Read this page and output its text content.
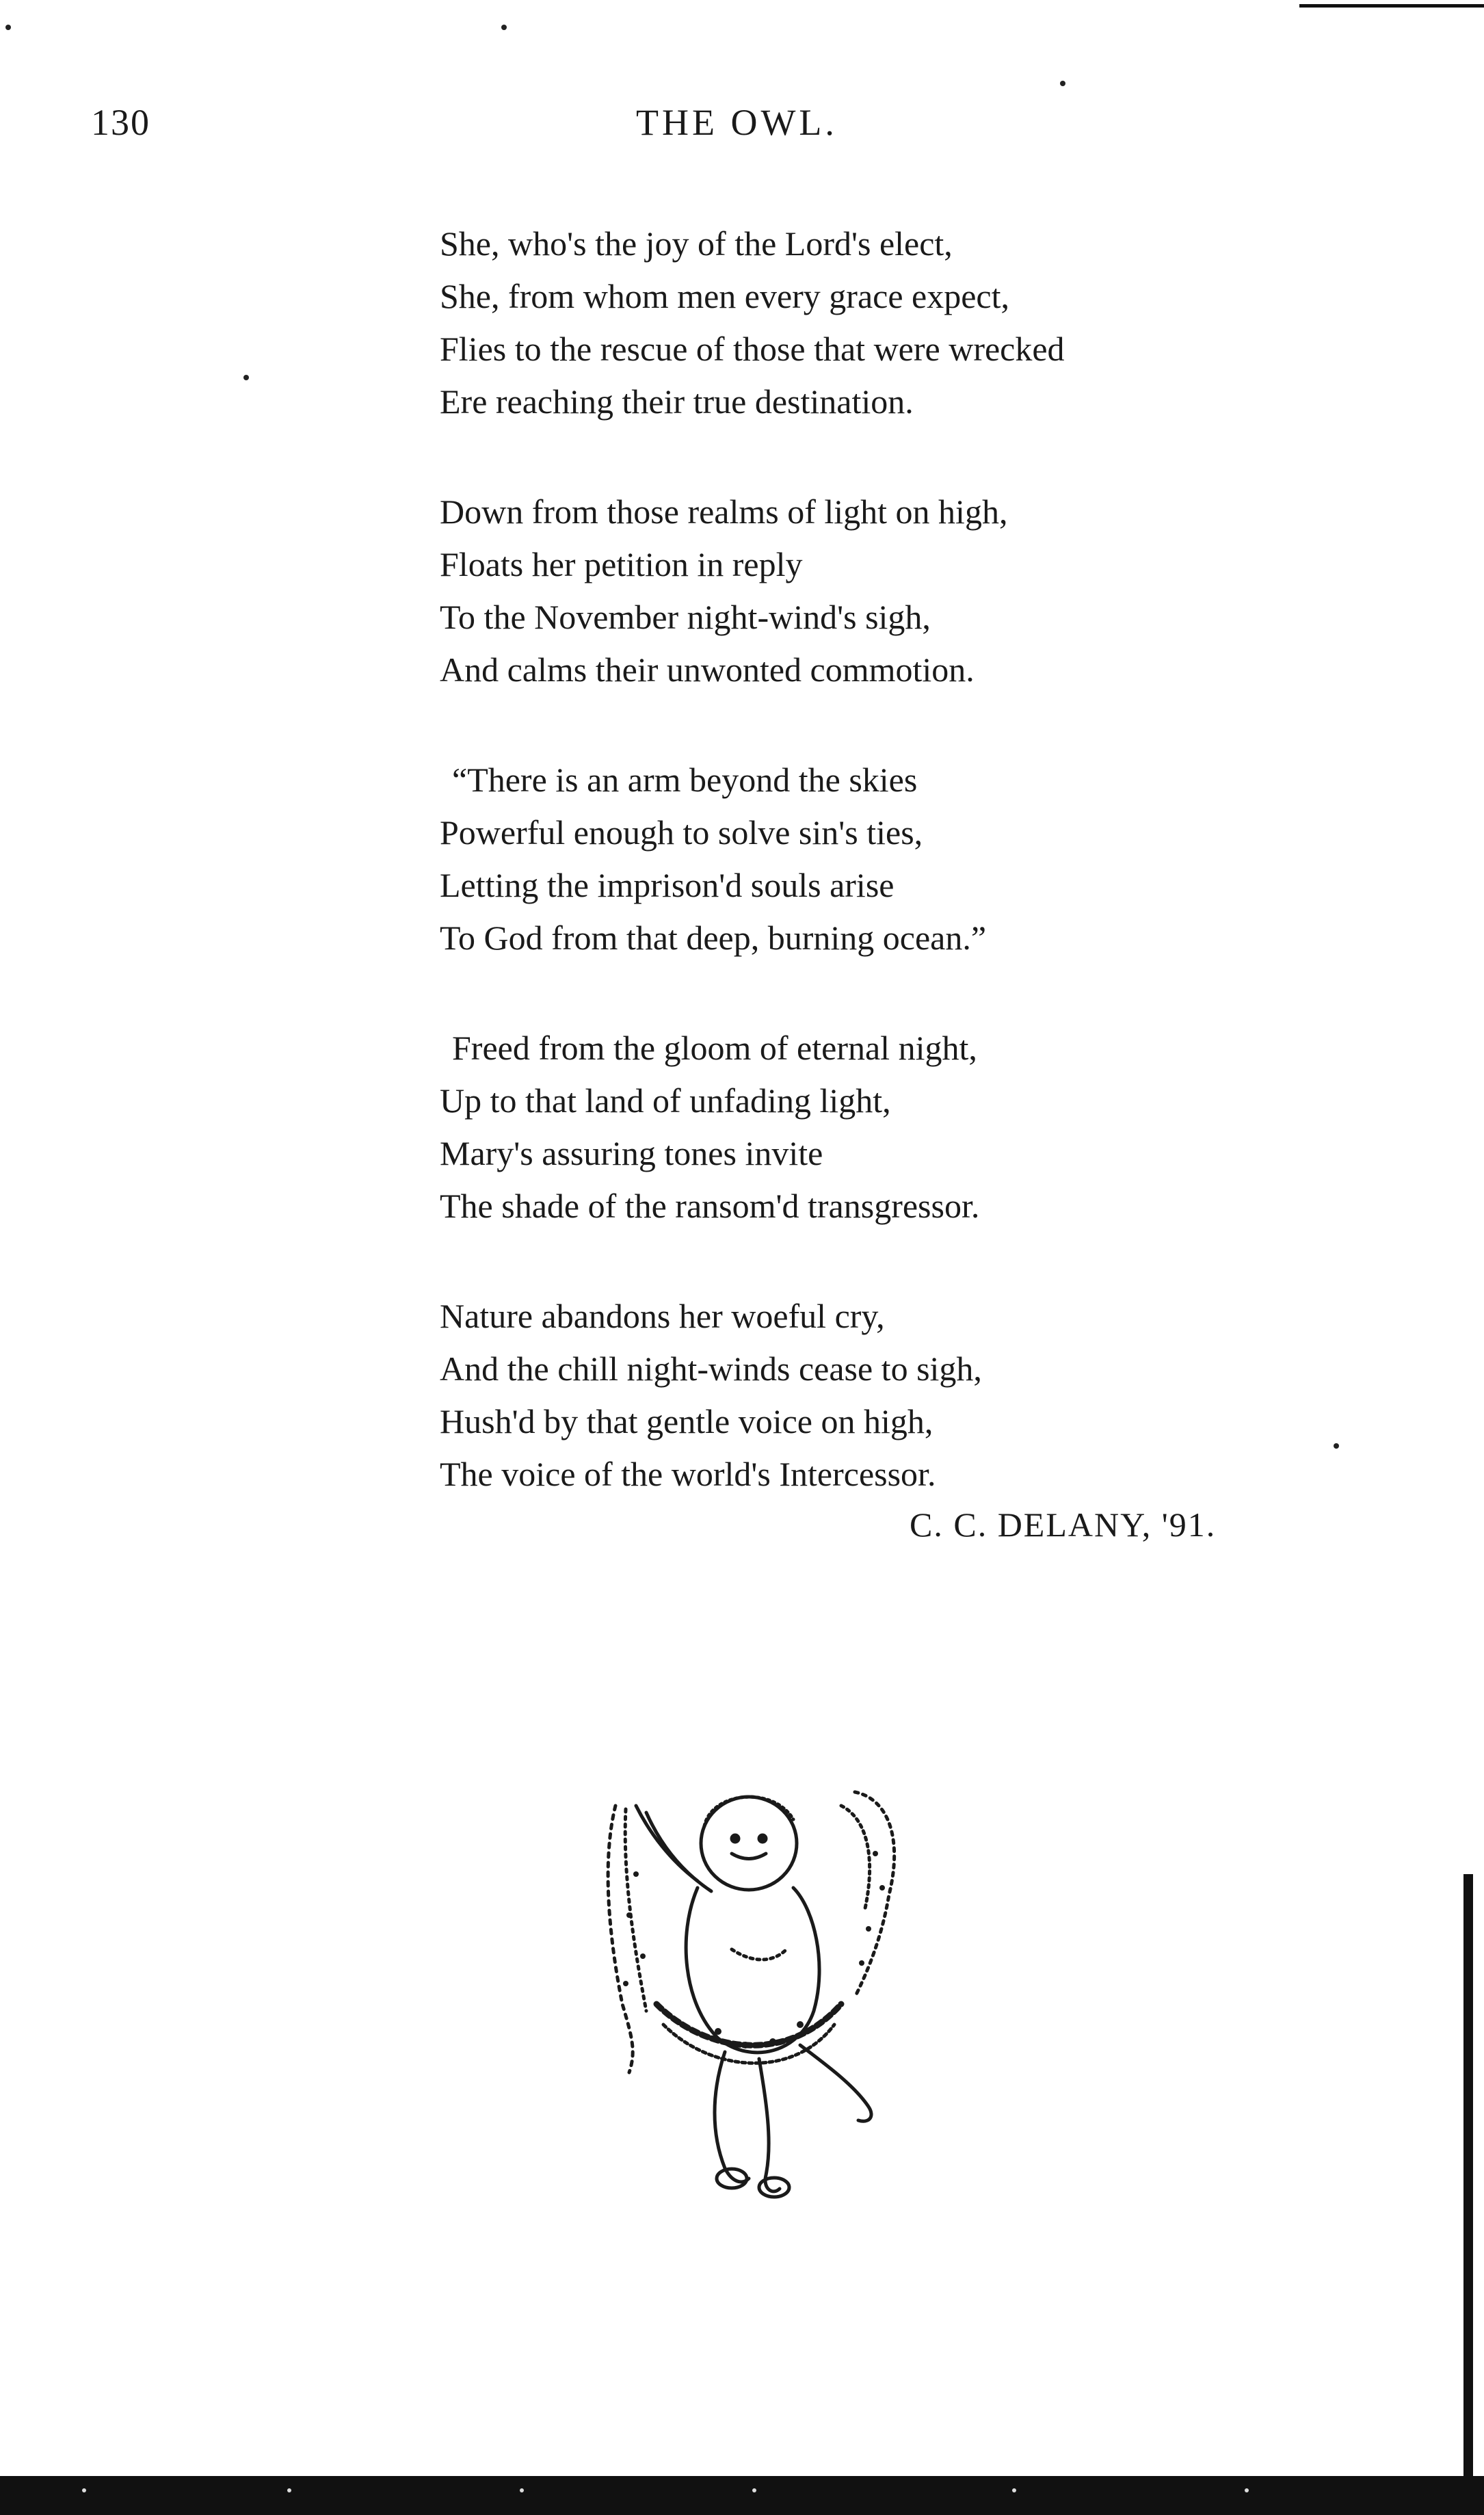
130	THE OWL.
She, who's the joy of the Lord's elect,
She, from whom men every grace expect,
Flies to the rescue of those that were wrecked
Ere reaching their true destination.
Down from those realms of light on high,
Floats her petition in reply
To the November night-wind's sigh,
And calms their unwonted commotion.
“There is an arm beyond the skies
Powerful enough to solve sin's ties,
Letting the imprison'd souls arise
To God from that deep, burning ocean.”
Freed from the gloom of eternal night,
Up to that land of unfading light,
Mary's assuring tones invite
The shade of the ransom'd transgressor.
Nature abandons her woeful cry,
And the chill night-winds cease to sigh,
Hush'd by that gentle voice on high,
The voice of the world's Intercessor.
C. C. DELANY, '91.
